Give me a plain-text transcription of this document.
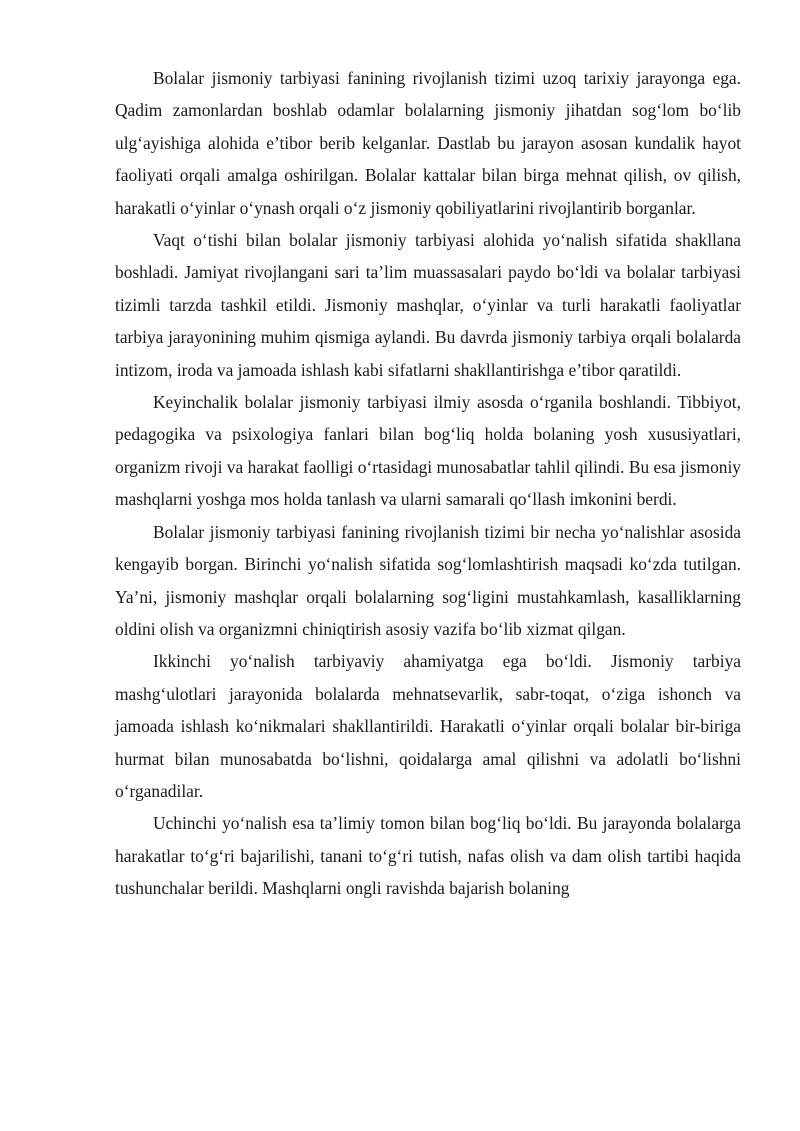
Bolalar jismoniy tarbiyasi fanining rivojlanish tizimi uzoq tarixiy jarayonga ega. Qadim zamonlardan boshlab odamlar bolalarning jismoniy jihatdan sog‘lom bo‘lib ulg‘ayishiga alohida e’tibor berib kelganlar. Dastlab bu jarayon asosan kundalik hayot faoliyati orqali amalga oshirilgan. Bolalar kattalar bilan birga mehnat qilish, ov qilish, harakatli o‘yinlar o‘ynash orqali o‘z jismoniy qobiliyatlarini rivojlantirib borganlar.

Vaqt o‘tishi bilan bolalar jismoniy tarbiyasi alohida yo‘nalish sifatida shakllana boshladi. Jamiyat rivojlangani sari ta’lim muassasalari paydo bo‘ldi va bolalar tarbiyasi tizimli tarzda tashkil etildi. Jismoniy mashqlar, o‘yinlar va turli harakatli faoliyatlar tarbiya jarayonining muhim qismiga aylandi. Bu davrda jismoniy tarbiya orqali bolalarda intizom, iroda va jamoada ishlash kabi sifatlarni shakllantirishga e’tibor qaratildi.

Keyinchalik bolalar jismoniy tarbiyasi ilmiy asosda o‘rganila boshlandi. Tibbiyot, pedagogika va psixologiya fanlari bilan bog‘liq holda bolaning yosh xususiyatlari, organizm rivoji va harakat faolligi o‘rtasidagi munosabatlar tahlil qilindi. Bu esa jismoniy mashqlarni yoshga mos holda tanlash va ularni samarali qo‘llash imkonini berdi.

Bolalar jismoniy tarbiyasi fanining rivojlanish tizimi bir necha yo‘nalishlar asosida kengayib borgan. Birinchi yo‘nalish sifatida sog‘lomlashtirish maqsadi ko‘zda tutilgan. Ya’ni, jismoniy mashqlar orqali bolalarning sog‘ligini mustahkamlash, kasalliklarning oldini olish va organizmni chiniqtirish asosiy vazifa bo‘lib xizmat qilgan.

Ikkinchi yo‘nalish tarbiyaviy ahamiyatga ega bo‘ldi. Jismoniy tarbiya mashg‘ulotlari jarayonida bolalarda mehnatsevarlik, sabr-toqat, o‘ziga ishonch va jamoada ishlash ko‘nikmalari shakllantirildi. Harakatli o‘yinlar orqali bolalar bir-biriga hurmat bilan munosabatda bo‘lishni, qoidalarga amal qilishni va adolatli bo‘lishni o‘rganadilar.

Uchinchi yo‘nalish esa ta’limiy tomon bilan bog‘liq bo‘ldi. Bu jarayonda bolalarga harakatlar to‘g‘ri bajarilishi, tanani to‘g‘ri tutish, nafas olish va dam olish tartibi haqida tushunchalar berildi. Mashqlarni ongli ravishda bajarish bolaning
